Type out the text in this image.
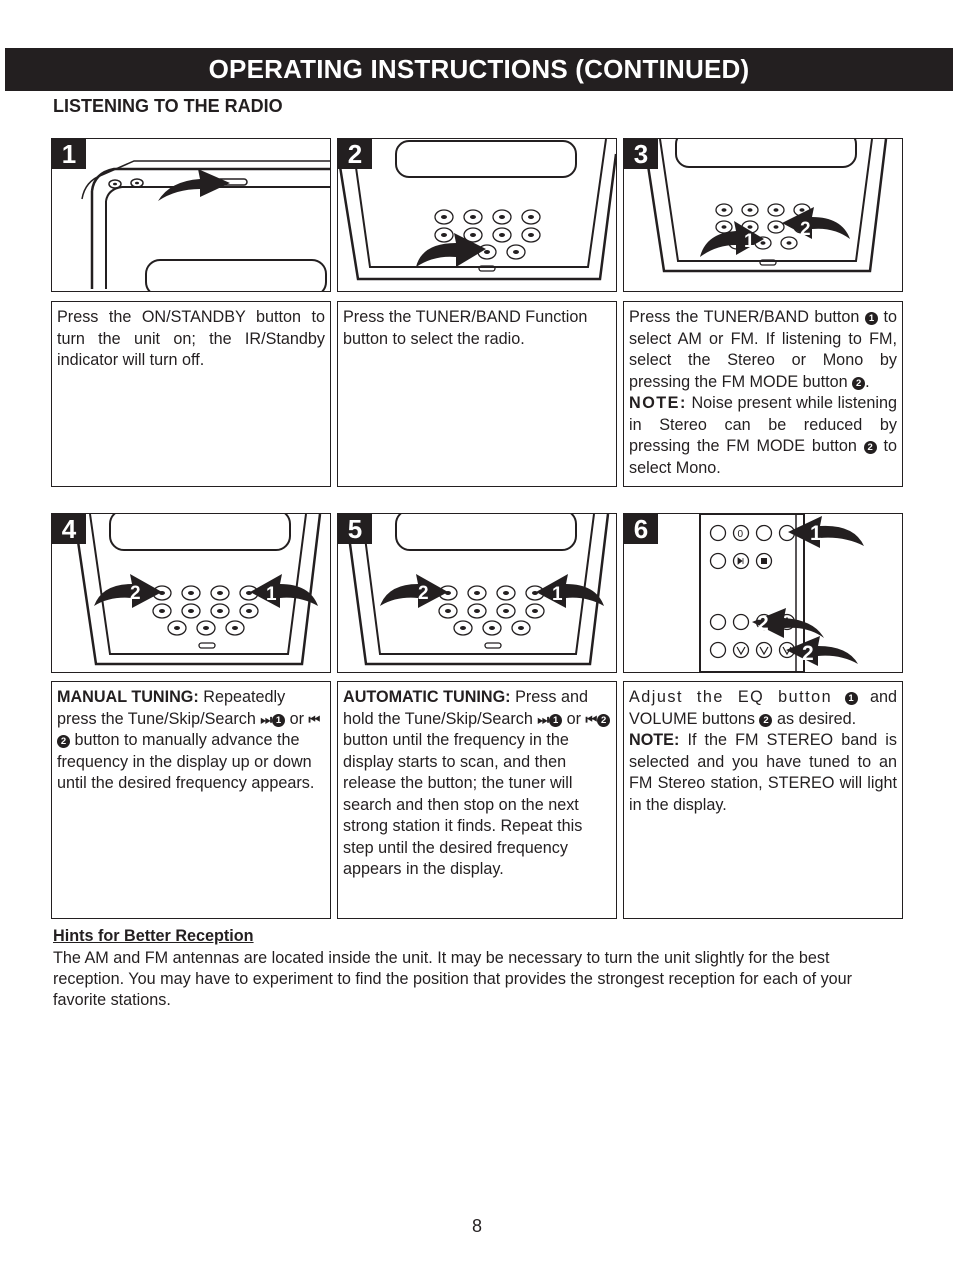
OPERATING INSTRUCTIONS (CONTINUED)
LISTENING TO THE RADIO
1	2
1
2
3

Press the ON/STANDBY button to turn the unit on; the IR/Standby indicator will turn off.

Press the TUNER/BAND Function button to select the radio.

Press the TUNER/BAND button 1 to select AM or FM. If listening to FM, select the Stereo or Mono by pressing the FM MODE button 2 .

NOTE: Noise present while listening in Stereo can be reduced by pressing the FM MODE button 2 to select Mono.

2	1
4
2	1
5	0	1
2
2
6

MANUAL TUNING: Repeatedly press the Tune/Skip/Search ⏭ 1 or ⏮2 button to manually advance the frequency in the display up or down until the desired frequency appears.

AUTOMATIC TUNING: Press and hold the Tune/Skip/Search ⏭ 1 or ⏮ 2 button until the frequency in the display starts to scan, and then release the button; the tuner will search and then stop on the next strong station it finds. Repeat this step until the desired frequency appears in the display.

Adjust the EQ button 1 and VOLUME buttons 2 as desired.

NOTE: If the FM STEREO band is selected and you have tuned to an FM Stereo station, STEREO will light in the display.

Hints for Better Reception
The AM and FM antennas are located inside the unit. It may be necessary to turn the unit slightly for the best reception. You may have to experiment to find the position that provides the strongest reception for each of your favorite stations.
8
